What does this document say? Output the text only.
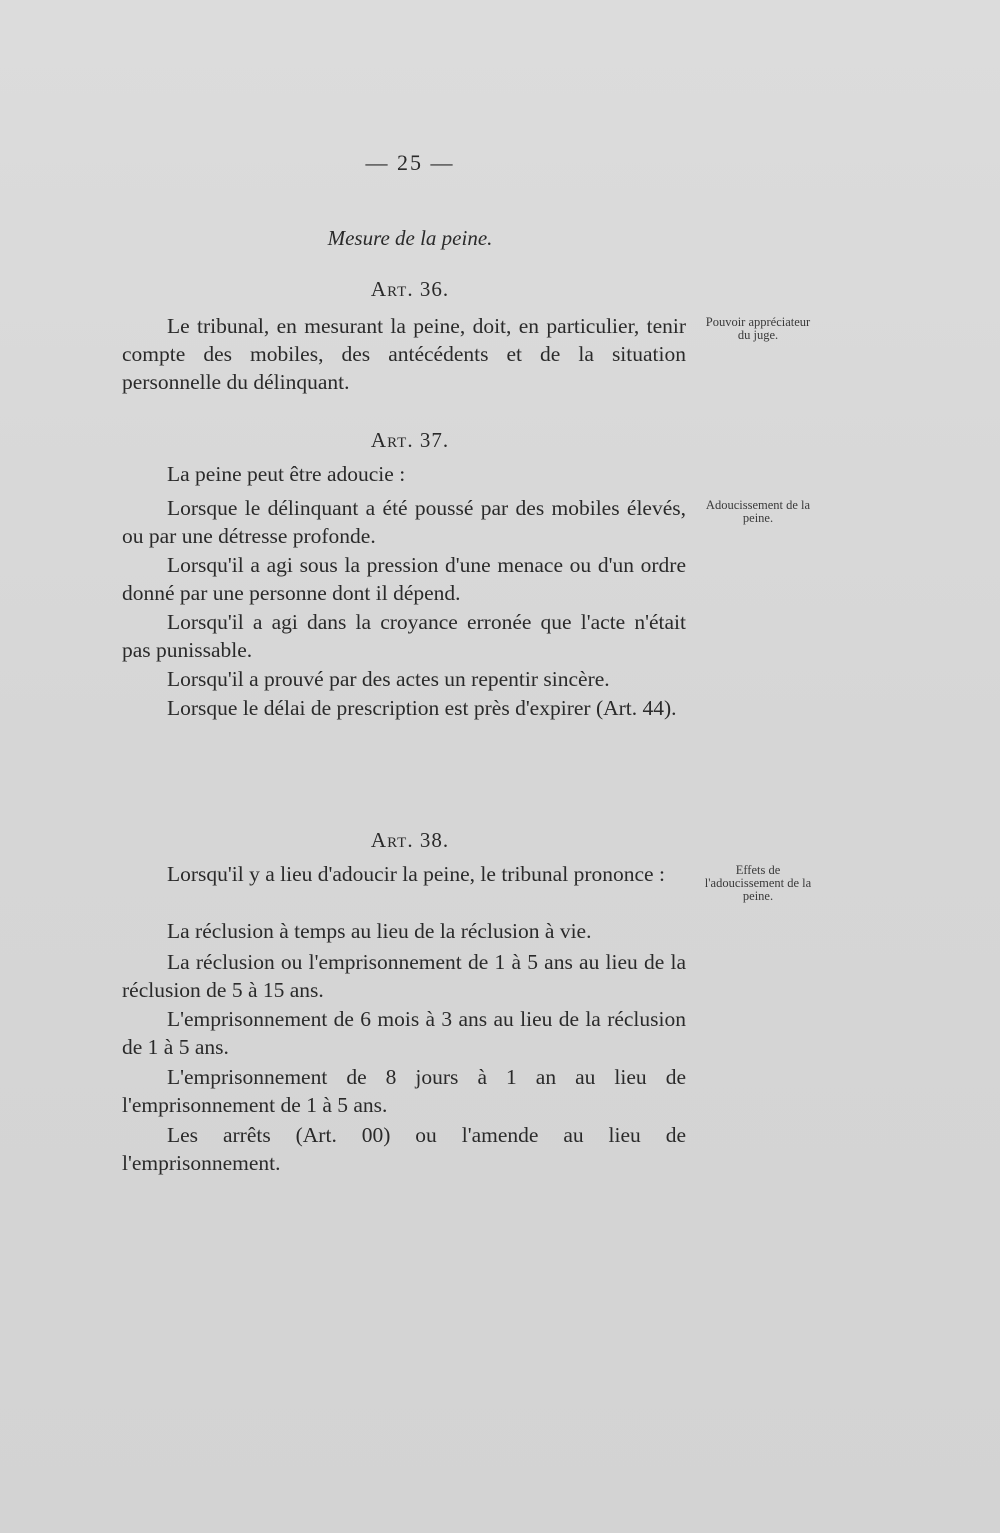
— 25 —
Mesure de la peine.
Art. 36.

Le tribunal, en mesurant la peine, doit, en particulier, tenir compte des mobiles, des antécédents et de la situation personnelle du délinquant.

Pouvoir appréciateur du juge.
Art. 37.

La peine peut être adoucie :

Lorsque le délinquant a été poussé par des mobiles élevés, ou par une détresse profonde.

Lorsqu'il a agi sous la pression d'une menace ou d'un ordre donné par une personne dont il dépend.

Lorsqu'il a agi dans la croyance erronée que l'acte n'était pas punissable.

Lorsqu'il a prouvé par des actes un repentir sincère.

Lorsque le délai de prescription est près d'expirer (Art. 44).

Adoucissement de la peine.
Art. 38.

Lorsqu'il y a lieu d'adoucir la peine, le tribunal prononce :

La réclusion à temps au lieu de la réclusion à vie.

La réclusion ou l'emprisonnement de 1 à 5 ans au lieu de la réclusion de 5 à 15 ans.

L'emprisonnement de 6 mois à 3 ans au lieu de la réclusion de 1 à 5 ans.

L'emprisonnement de 8 jours à 1 an au lieu de l'emprisonnement de 1 à 5 ans.

Les arrêts (Art. 00) ou l'amende au lieu de l'emprisonnement.

Effets de l'adoucissement de la peine.
